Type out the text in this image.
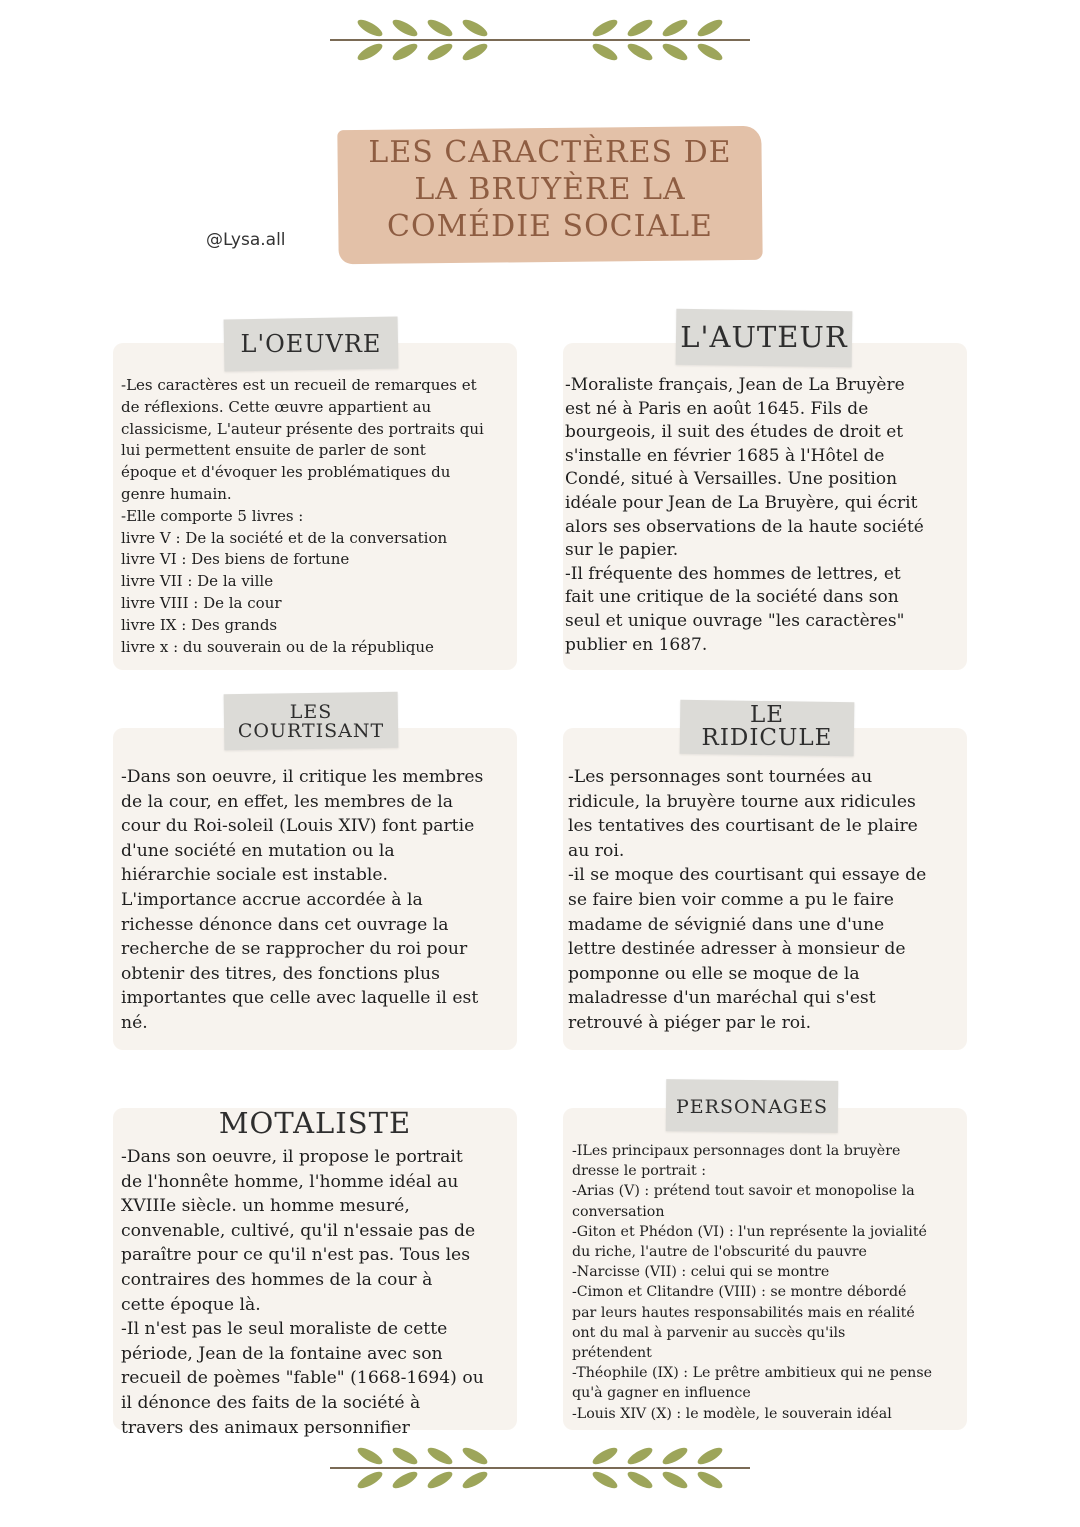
LES CARACTÈRES DE
LA BRUYÈRE LA
COMÉDIE SOCIALE
@Lysa.all
L'OEUVRE
-Les caractères est un recueil de remarques et
de réflexions. Cette œuvre appartient au
classicisme, L'auteur présente des portraits qui
lui permettent ensuite de parler de sont
époque et d'évoquer les problématiques du
genre humain.
-Elle comporte 5 livres :
livre V : De la société et de la conversation
livre VI : Des biens de fortune
livre VII : De la ville
livre VIII : De la cour
livre IX : Des grands
livre x : du souverain ou de la république
L'AUTEUR
-Moraliste français, Jean de La Bruyère
est né à Paris en août 1645. Fils de
bourgeois, il suit des études de droit et
s'installe en février 1685 à l'Hôtel de
Condé, situé à Versailles. Une position
idéale pour Jean de La Bruyère, qui écrit
alors ses observations de la haute société
sur le papier.
-Il fréquente des hommes de lettres, et
fait une critique de la société dans son
seul et unique ouvrage "les caractères"
publier en 1687.
LES
COURTISANT
-Dans son oeuvre, il critique les membres
de la cour, en effet, les membres de la
cour du Roi-soleil (Louis XIV) font partie
d'une société en mutation ou la
hiérarchie sociale est instable.
L'importance accrue accordée à la
richesse dénonce dans cet ouvrage la
recherche de se rapprocher du roi pour
obtenir des titres, des fonctions plus
importantes que celle avec laquelle il est
né.
LE
RIDICULE
-Les personnages sont tournées au
ridicule, la bruyère tourne aux ridicules
les tentatives des courtisant de le plaire
au roi.
-il se moque des courtisant qui essaye de
se faire bien voir comme a pu le faire
madame de sévignié dans une d'une
lettre destinée adresser à monsieur de
pomponne ou elle se moque de la
maladresse d'un maréchal qui s'est
retrouvé à piéger par le roi.
MOTALISTE
-Dans son oeuvre, il propose le portrait
de l'honnête homme, l'homme idéal au
XVIIIe siècle. un homme mesuré,
convenable, cultivé, qu'il n'essaie pas de
paraître pour ce qu'il n'est pas. Tous les
contraires des hommes de la cour à
cette époque là.
-Il n'est pas le seul moraliste de cette
période, Jean de la fontaine avec son
recueil de poèmes "fable" (1668-1694) ou
il dénonce des faits de la société à
travers des animaux personnifier
PERSONAGES
-ILes principaux personnages dont la bruyère
dresse le portrait :
-Arias (V) : prétend tout savoir et monopolise la
conversation
-Giton et Phédon (VI) : l'un représente la jovialité
du riche, l'autre de l'obscurité du pauvre
-Narcisse (VII) : celui qui se montre
-Cimon et Clitandre (VIII) : se montre débordé
par leurs hautes responsabilités mais en réalité
ont du mal à parvenir au succès qu'ils
prétendent
-Théophile (IX) : Le prêtre ambitieux qui ne pense
qu'à gagner en influence
-Louis XIV (X) : le modèle, le souverain idéal
